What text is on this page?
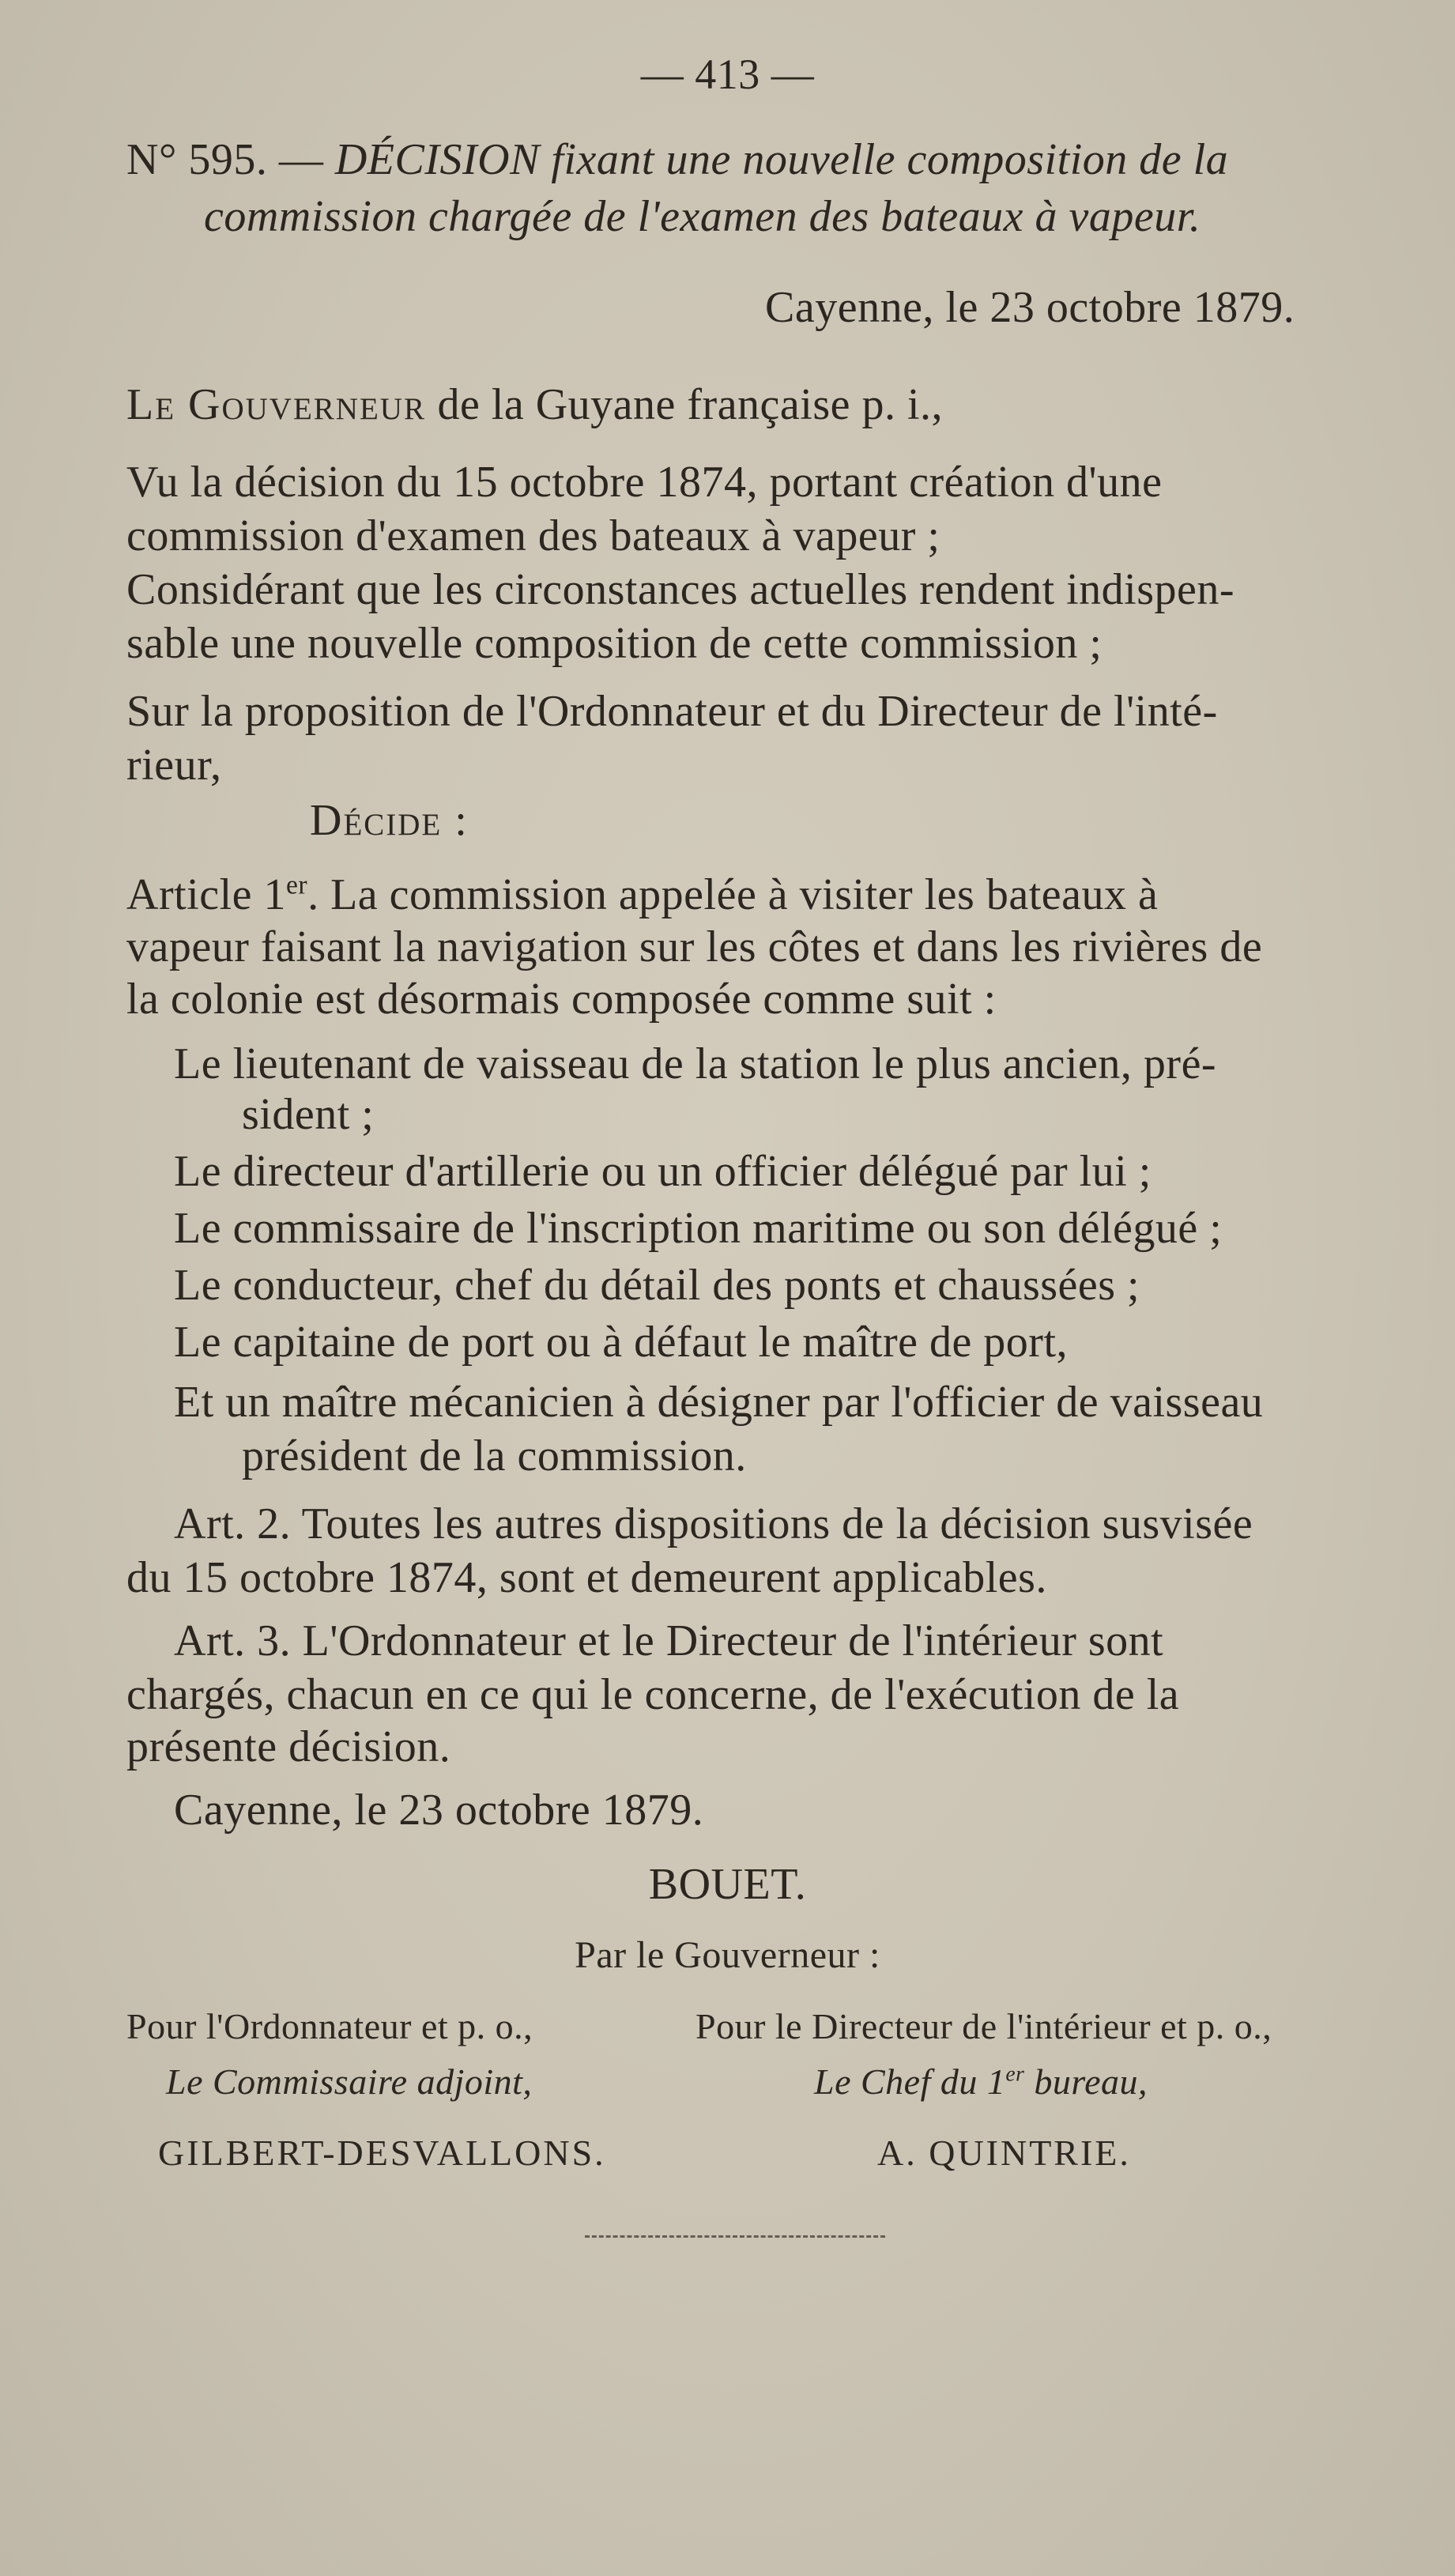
— 413 —
N° 595. — DÉCISION fixant une nouvelle composition de la
commission chargée de l'examen des bateaux à vapeur.
Cayenne, le 23 octobre 1879.
Le Gouverneur de la Guyane française p. i.,
Vu la décision du 15 octobre 1874, portant création d'une
commission d'examen des bateaux à vapeur ;
Considérant que les circonstances actuelles rendent indispen-
sable une nouvelle composition de cette commission ;
Sur la proposition de l'Ordonnateur et du Directeur de l'inté-
rieur,
Décide :
Article 1er. La commission appelée à visiter les bateaux à
vapeur faisant la navigation sur les côtes et dans les rivières de
la colonie est désormais composée comme suit :
Le lieutenant de vaisseau de la station le plus ancien, pré-
sident ;
Le directeur d'artillerie ou un officier délégué par lui ;
Le commissaire de l'inscription maritime ou son délégué ;
Le conducteur, chef du détail des ponts et chaussées ;
Le capitaine de port ou à défaut le maître de port,
Et un maître mécanicien à désigner par l'officier de vaisseau
président de la commission.
Art. 2. Toutes les autres dispositions de la décision susvisée
du 15 octobre 1874, sont et demeurent applicables.
Art. 3. L'Ordonnateur et le Directeur de l'intérieur sont
chargés, chacun en ce qui le concerne, de l'exécution de la
présente décision.
Cayenne, le 23 octobre 1879.
BOUET.
Par le Gouverneur :
Pour l'Ordonnateur et p. o.,
Le Commissaire adjoint,
GILBERT-DESVALLONS.
Pour le Directeur de l'intérieur et p. o.,
Le Chef du 1er bureau,
A. QUINTRIE.
